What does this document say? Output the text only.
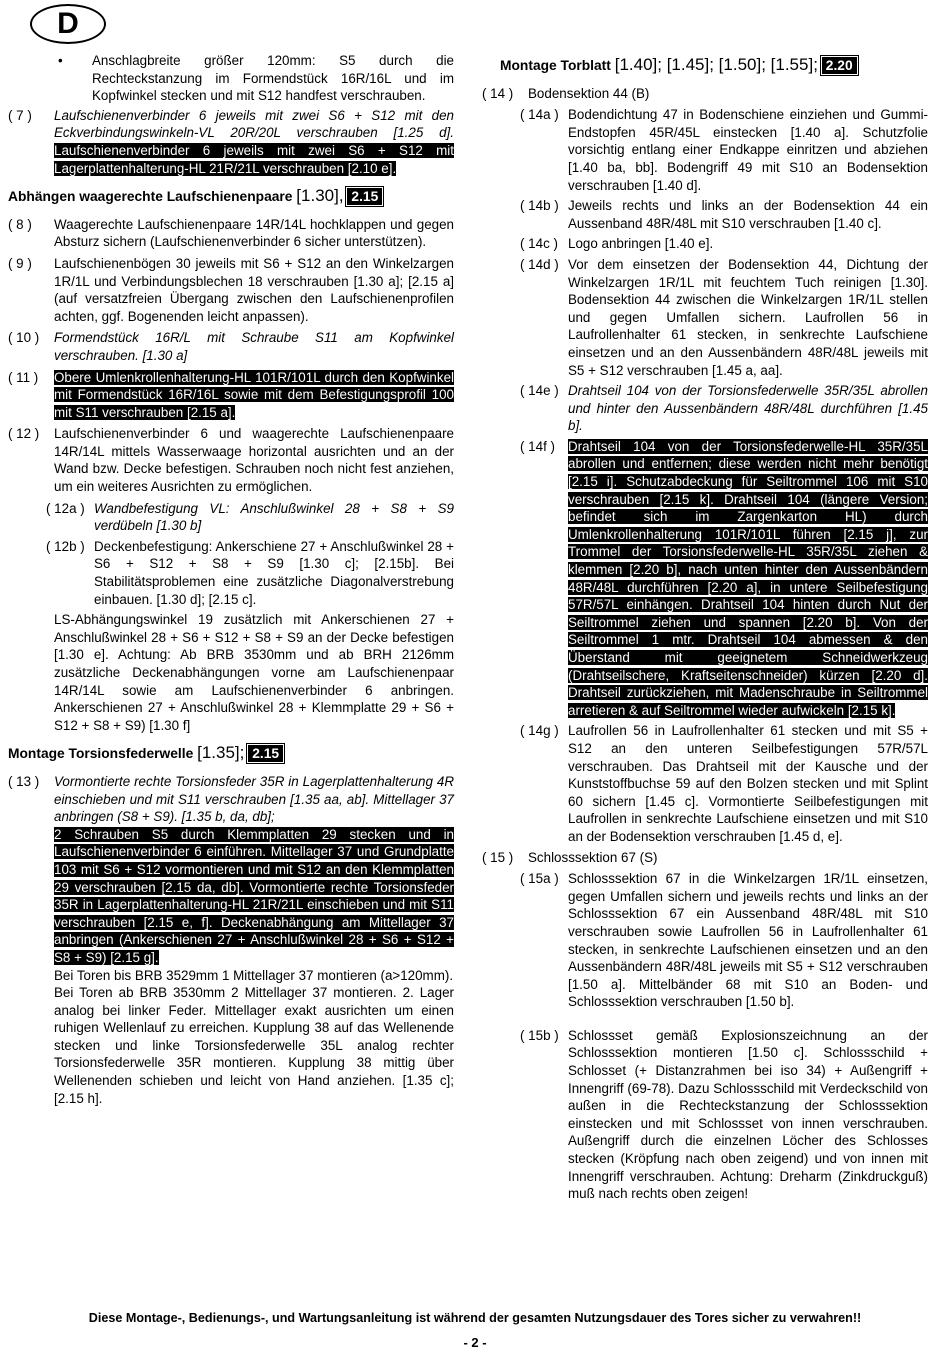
D
•	Anschlagbreite größer 120mm: S5 durch die Rechteckstanzung im Formendstück 16R/16L und im Kopfwinkel stecken und mit S12 handfest verschrauben.
( 7 )	Laufschienenverbinder 6 jeweils mit zwei S6 + S12 mit den Eckverbindungswinkeln-VL 20R/20L verschrauben [1.25 d]. Laufschienenverbinder 6 jeweils mit zwei S6 + S12 mit Lagerplattenhalterung-HL 21R/21L verschrauben [2.10 e].
Abhängen waagerechte Laufschienenpaare [1.30], 2.15
( 8 )	Waagerechte Laufschienenpaare 14R/14L hochklappen und gegen Absturz sichern (Laufschienenverbinder 6 sicher unterstützen).
( 9 )	Laufschienenbögen 30 jeweils mit S6 + S12 an den Winkelzargen 1R/1L und Verbindungsblechen 18 verschrauben [1.30 a]; [2.15 a] (auf versatzfreien Übergang zwischen den Laufschienenprofilen achten, ggf. Bogenenden leicht anpassen).
( 10 )	Formendstück 16R/L mit Schraube S11 am Kopfwinkel verschrauben. [1.30 a]
( 11 )	Obere Umlenkrollenhalterung-HL 101R/101L durch den Kopfwinkel mit Formendstück 16R/16L sowie mit dem Befestigungsprofil 100 mit S11 verschrauben [2.15 a].
( 12 )	Laufschienenverbinder 6 und waagerechte Laufschienenpaare 14R/14L mittels Wasserwaage horizontal ausrichten und an der Wand bzw. Decke befestigen. Schrauben noch nicht fest anziehen, um ein weiteres Ausrichten zu ermöglichen.
( 12a ) Wandbefestigung VL: Anschlußwinkel 28 + S8 + S9 verdübeln [1.30 b]
( 12b ) Deckenbefestigung: Ankerschiene 27 + Anschlußwinkel 28 + S6 + S12 + S8 + S9 [1.30 c]; [2.15b]. Bei Stabilitätsproblemen eine zusätzliche Diagonalverstrebung einbauen. [1.30 d]; [2.15 c].
LS-Abhängungswinkel 19 zusätzlich mit Ankerschienen 27 + Anschlußwinkel 28 + S6 + S12 + S8 + S9 an der Decke befestigen [1.30 e]. Achtung: Ab BRB 3530mm und ab BRH 2126mm zusätzliche Deckenabhängungen vorne am Laufschienenpaar 14R/14L sowie am Laufschienenverbinder 6 anbringen. Ankerschienen 27 + Anschlußwinkel 28 + Klemmplatte 29 + S6 + S12 + S8 + S9) [1.30 f]
Montage Torsionsfederwelle [1.35]; 2.15
( 13 )	Vormontierte rechte Torsionsfeder 35R in Lagerplattenhalterung 4R einschieben und mit S11 verschrauben [1.35 aa, ab]. Mittellager 37 anbringen (S8 + S9). [1.35 b, da, db];
2 Schrauben S5 durch Klemmplatten 29 stecken und in Laufschienenverbinder 6 einführen. Mittellager 37 und Grundplatte 103 mit S6 + S12 vormontieren und mit S12 an den Klemmplatten 29 verschrauben [2.15 da, db]. Vormontierte rechte Torsionsfeder 35R in Lagerplattenhalterung-HL 21R/21L einschieben und mit S11 verschrauben [2.15 e, f]. Deckenabhängung am Mittellager 37 anbringen (Ankerschienen 27 + Anschlußwinkel 28 + S6 + S12 + S8 + S9) [2.15 g].
Bei Toren bis BRB 3529mm 1 Mittellager 37 montieren (a>120mm).
Bei Toren ab BRB 3530mm 2 Mittellager 37 montieren. 2. Lager analog bei linker Feder. Mittellager exakt ausrichten um einen ruhigen Wellenlauf zu erreichen. Kupplung 38 auf das Wellenende stecken und linke Torsionsfederwelle 35L analog rechter Torsionsfederwelle 35R montieren. Kupplung 38 mittig über Wellenenden schieben und leicht von Hand anziehen. [1.35 c]; [2.15 h].
Montage Torblatt [1.40]; [1.45]; [1.50]; [1.55]; 2.20
( 14 )	Bodensektion 44 (B)
( 14a ) Bodendichtung 47 in Bodenschiene einziehen und Gummi-Endstopfen 45R/45L einstecken [1.40 a]. Schutzfolie vorsichtig entlang einer Endkappe einritzen und abziehen [1.40 ba, bb]. Bodengriff 49 mit S10 an Bodensektion verschrauben [1.40 d].
( 14b ) Jeweils rechts und links an der Bodensektion 44 ein Aussenband 48R/48L mit S10 verschrauben [1.40 c].
( 14c ) Logo anbringen [1.40 e].
( 14d ) Vor dem einsetzen der Bodensektion 44, Dichtung der Winkelzargen 1R/1L mit feuchtem Tuch reinigen [1.30]. Bodensektion 44 zwischen die Winkelzargen 1R/1L stellen und gegen Umfallen sichern. Laufrollen 56 in Laufrollenhalter 61 stecken, in senkrechte Laufschiene einsetzen und an den Aussenbändern 48R/48L jeweils mit S5 + S12 verschrauben [1.45 a, aa].
( 14e ) Drahtseil 104 von der Torsionsfederwelle 35R/35L abrollen und hinter den Aussenbändern 48R/48L durchführen [1.45 b].
( 14f ) Drahtseil 104 von der Torsionsfederwelle-HL 35R/35L abrollen und entfernen; diese werden nicht mehr benötigt [2.15 i]. Schutzabdeckung für Seiltrommel 106 mit S10 verschrauben [2.15 k]. Drahtseil 104 (längere Version; befindet sich im Zargenkarton HL) durch Umlenkrollenhalterung 101R/101L führen [2.15 j], zur Trommel der Torsionsfederwelle-HL 35R/35L ziehen & klemmen [2.20 b], nach unten hinter den Aussenbändern 48R/48L durchführen [2.20 a], in untere Seilbefestigung 57R/57L einhängen. Drahtseil 104 hinten durch Nut der Seiltrommel ziehen und spannen [2.20 b]. Von der Seiltrommel 1 mtr. Drahtseil 104 abmessen & den Überstand mit geeignetem Schneidwerkzeug (Drahtseilschere, Kraftseitenschneider) kürzen [2.20 d]. Drahtseil zurückziehen, mit Madenschraube in Seiltrommel arretieren & auf Seiltrommel wieder aufwickeln [2.15 k].
( 14g ) Laufrollen 56 in Laufrollenhalter 61 stecken und mit S5 + S12 an den unteren Seilbefestigungen 57R/57L verschrauben. Das Drahtseil mit der Kausche und der Kunststoffbuchse 59 auf den Bolzen stecken und mit Splint 60 sichern [1.45 c]. Vormontierte Seilbefestigungen mit Laufrollen in senkrechte Laufschiene einsetzen und mit S10 an der Bodensektion verschrauben [1.45 d, e].
( 15 )	Schlosssektion 67 (S)
( 15a ) Schlosssektion 67 in die Winkelzargen 1R/1L einsetzen, gegen Umfallen sichern und jeweils rechts und links an der Schlosssektion 67 ein Aussenband 48R/48L mit S10 verschrauben sowie Laufrollen 56 in Laufrollenhalter 61 stecken, in senkrechte Laufschienen einsetzen und an den Aussenbändern 48R/48L jeweils mit S5 + S12 verschrauben [1.50 a]. Mittelbänder 68 mit S10 an Boden- und Schlosssektion verschrauben [1.50 b].
( 15b ) Schlossset gemäß Explosionszeichnung an der Schlosssektion montieren [1.50 c]. Schlossschild + Schlosset (+ Distanzrahmen bei iso 34) + Außengriff + Innengriff (69-78). Dazu Schlossschild mit Verdeckschild von außen in die Rechteckstanzung der Schlosssektion einstecken und mit Schlossset von innen verschrauben. Außengriff durch die einzelnen Löcher des Schlosses stecken (Kröpfung nach oben zeigend) und von innen mit Innengriff verschrauben. Achtung: Dreharm (Zinkdruckguß) muß nach rechts oben zeigen!
Diese Montage-, Bedienungs-, und Wartungsanleitung ist während der gesamten Nutzungsdauer des Tores sicher zu verwahren!!
- 2 -
